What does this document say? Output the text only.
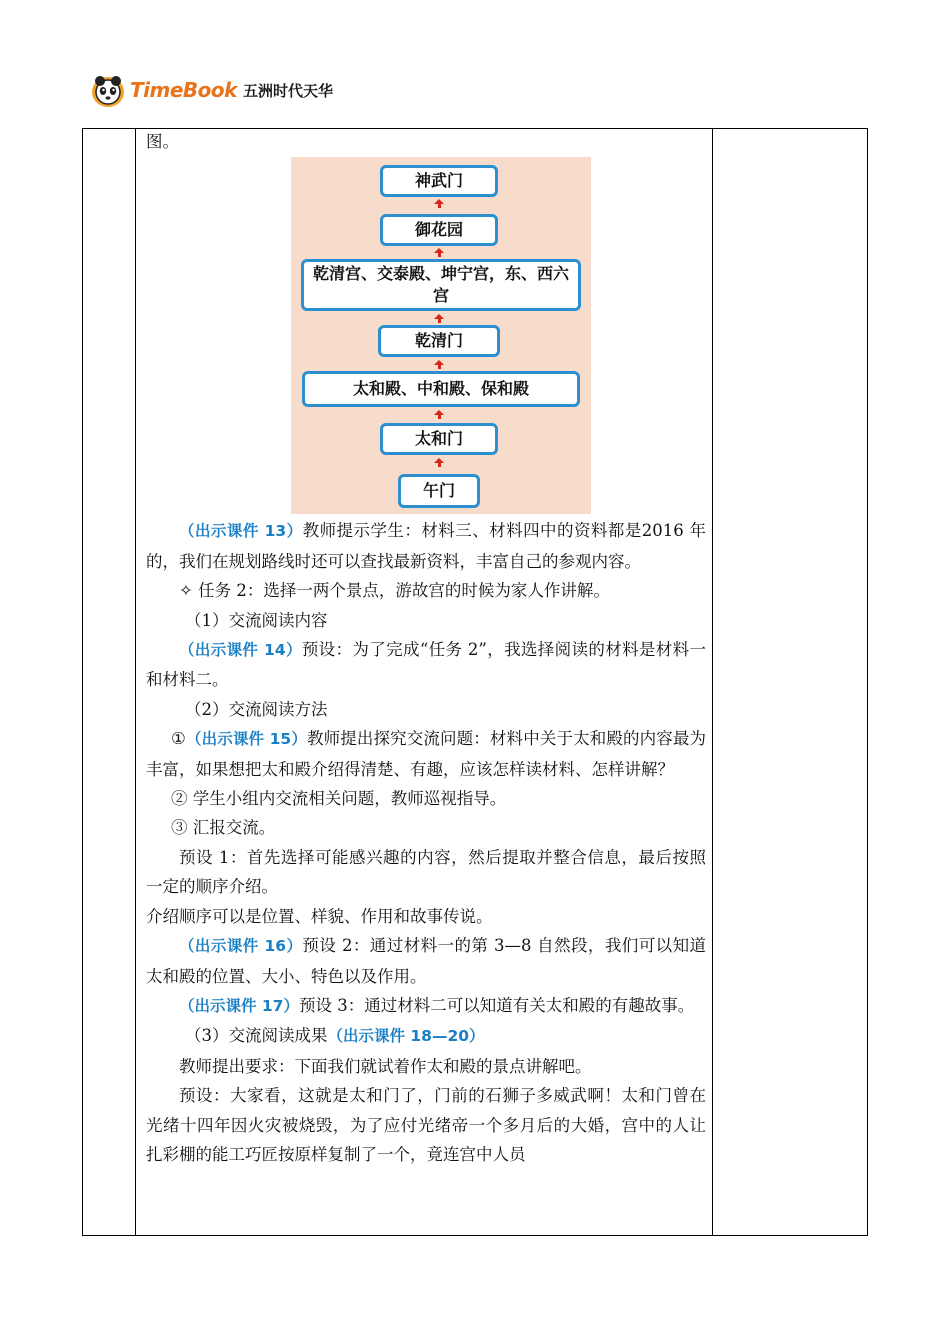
TimeBook 五洲时代天华

图。

神武门
御花园
乾清宫、交泰殿、坤宁宫，东、西六宫
乾清门
太和殿、中和殿、保和殿
太和门
午门

（出示课件 13）教师提示学生：材料三、材料四中的资料都是2016 年的，我们在规划路线时还可以查找最新资料，丰富自己的参观内容。

✧ 任务 2：选择一两个景点，游故宫的时候为家人作讲解。

（1）交流阅读内容

（出示课件 14）预设：为了完成“任务 2”，我选择阅读的材料是材料一和材料二。

（2）交流阅读方法

①（出示课件 15）教师提出探究交流问题：材料中关于太和殿的内容最为丰富，如果想把太和殿介绍得清楚、有趣，应该怎样读材料、怎样讲解？

② 学生小组内交流相关问题，教师巡视指导。

③ 汇报交流。

预设 1：首先选择可能感兴趣的内容，然后提取并整合信息，最后按照一定的顺序介绍。

介绍顺序可以是位置、样貌、作用和故事传说。

（出示课件 16）预设 2：通过材料一的第 3—8 自然段，我们可以知道太和殿的位置、大小、特色以及作用。

（出示课件 17）预设 3：通过材料二可以知道有关太和殿的有趣故事。

（3）交流阅读成果（出示课件 18—20）

教师提出要求：下面我们就试着作太和殿的景点讲解吧。

预设：大家看，这就是太和门了，门前的石狮子多威武啊！太和门曾在光绪十四年因火灾被烧毁，为了应付光绪帝一个多月后的大婚，宫中的人让扎彩棚的能工巧匠按原样复制了一个，竟连宫中人员
